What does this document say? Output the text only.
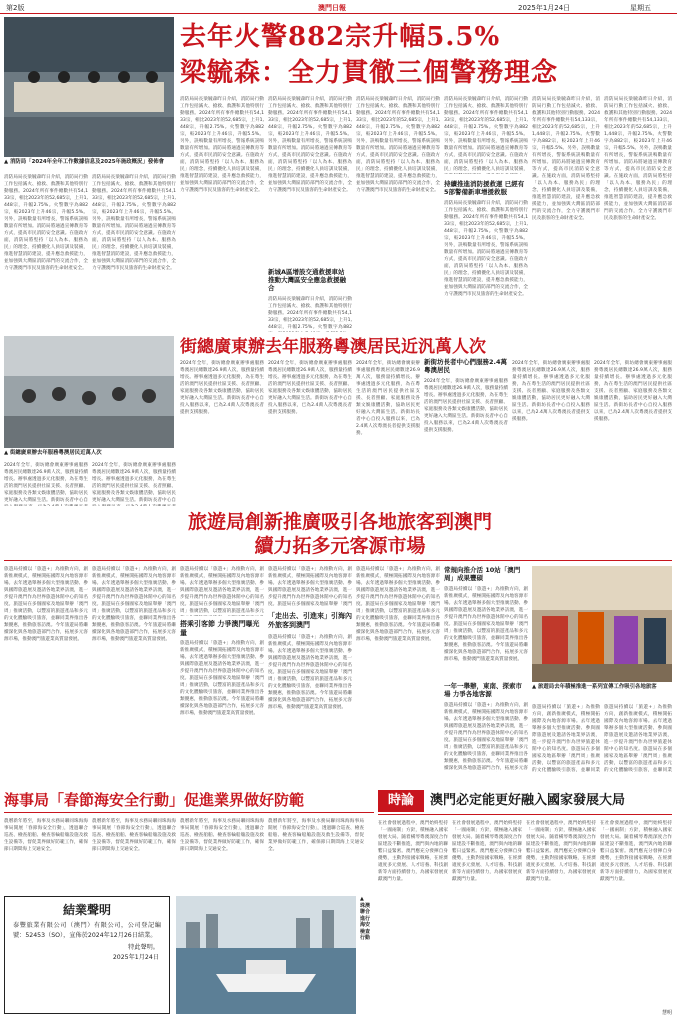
第2版	澳門日報	2025年1月24日	星期五
去年火警882宗升幅5.5%
梁毓森：全力貫徹三個警務理念
▲ 消防局「2024年全年工作數據信息及2025年施政概況」發佈會
消防局局長梁毓森昨日介紹，消防局行動工作包括滅火、搶救、救護和其他特別行動服務。2024年所有事件總數共有54,133宗，相比2023年的52,685宗，上升1,448宗，升幅2.75%。火警數字為882宗，較2023年上升46宗，升幅5.5%。另外，誤鳴數量有所增長，警報系統誤鳴數量有所增加。消防局將通過宣傳教育等方式，提高市民消防安全意識。在施政方面，消防局將堅持「以人為本、服務為民」的理念，持續優化人員培訓及裝備，推進智慧消防建設，提升應急救援能力，並加強與大灣區消防部門的交流合作，全力守護澳門市民及旅客的生命財產安全。
消防局局長梁毓森昨日介紹，消防局行動工作包括滅火、搶救、救護和其他特別行動服務。2024年所有事件總數共有54,133宗，相比2023年的52,685宗，上升1,448宗，升幅2.75%。火警數字為882宗，較2023年上升46宗，升幅5.5%。另外，誤鳴數量有所增長，警報系統誤鳴數量有所增加。消防局將通過宣傳教育等方式，提高市民消防安全意識。在施政方面，消防局將堅持「以人為本、服務為民」的理念，持續優化人員培訓及裝備，推進智慧消防建設，提升應急救援能力，並加強與大灣區消防部門的交流合作，全力守護澳門市民及旅客的生命財產安全。
消防局局長梁毓森昨日介紹，消防局行動工作包括滅火、搶救、救護和其他特別行動服務。2024年所有事件總數共有54,133宗，相比2023年的52,685宗，上升1,448宗，升幅2.75%。火警數字為882宗，較2023年上升46宗，升幅5.5%。另外，誤鳴數量有所增長，警報系統誤鳴數量有所增加。消防局將通過宣傳教育等方式，提高市民消防安全意識。在施政方面，消防局將堅持「以人為本、服務為民」的理念，持續優化人員培訓及裝備，推進智慧消防建設，提升應急救援能力，並加強與大灣區消防部門的交流合作，全力守護澳門市民及旅客的生命財產安全。
消防局局長梁毓森昨日介紹，消防局行動工作包括滅火、搶救、救護和其他特別行動服務。2024年所有事件總數共有54,133宗，相比2023年的52,685宗，上升1,448宗，升幅2.75%。火警數字為882宗，較2023年上升46宗，升幅5.5%。另外，誤鳴數量有所增長，警報系統誤鳴數量有所增加。消防局將通過宣傳教育等方式，提高市民消防安全意識。在施政方面，消防局將堅持「以人為本、服務為民」的理念，持續優化人員培訓及裝備，推進智慧消防建設，提升應急救援能力，並加強與大灣區消防部門的交流合作，全力守護澳門市民及旅客的生命財產安全。
新城A區增設交通救援車站 推動大灣區安全應急救援融合
消防局局長梁毓森昨日介紹，消防局行動工作包括滅火、搶救、救護和其他特別行動服務。2024年所有事件總數共有54,133宗，相比2023年的52,685宗，上升1,448宗，升幅2.75%。火警數字為882
消防局局長梁毓森昨日介紹，消防局行動工作包括滅火、搶救、救護和其他特別行動服務。2024年所有事件總數共有54,133宗，相比2023年的52,685宗，上升1,448宗，升幅2.75%。火警數字為882宗，較2023年上升46宗，升幅5.5%。另外，誤鳴數量有所增長，警報系統誤鳴數量有所增加。消防局將通過宣傳教育等方式，提高市民消防安全意識。在施政方面，消防局將堅持「以人為本、服務為民」的理念，持續優化人員培訓及裝備，推進智慧消防建設，提升應急救援能力，並加強與大灣區消防部門的交流合作，全力守護澳門市民及旅客的生命財產安全。
消防局局長梁毓森昨日介紹，消防局行動工作包括滅火、搶救、救護和其他特別行動服務。2024年所有事件總數共有54,133宗，相比2023年的52,685宗，上升1,448宗，升幅2.75%。火警數字為882宗，較2023年上升46宗，升幅5.5%。另外，誤鳴數量有所增長，警報系統誤鳴數量有所增加。消防局將通過宣傳教育等方式，提高市民消防安全意識。在施政方面，消防局將堅持「以人為本、服務為民」的理念，持續優化人員培訓及裝備，
持續推進消防援救運 已經有5部警備新車增援救服
消防局局長梁毓森昨日介紹，消防局行動工作包括滅火、搶救、救護和其他特別行動服務。2024年所有事件總數共有54,133宗，相比2023年的52,685宗，上升1,448宗，升幅2.75%。火警數字為882宗，較2023年上升46宗，升幅5.5%。另外，誤鳴數量有所增長，警報系統誤鳴數量有所增加。消防局將通過宣傳教育等方式，提高市民消防安全意識。在施政方面，消防局將堅持「以人為本、服務為民」的理念，持續優化人員培訓及裝備，推進智慧消防建設，提升應急救援能力，並加強與大灣區消防部門的交流合作，全力守護澳門市民及旅客的生命財產安全。
消防局局長梁毓森昨日介紹，消防局行動工作包括滅火、搶救、救護和其他特別行動服務。2024年所有事件總數共有54,133宗，相比2023年的52,685宗，上升1,448宗，升幅2.75%。火警數字為882宗，較2023年上升46宗，升幅5.5%。另外，誤鳴數量有所增長，警報系統誤鳴數量有所增加。消防局將通過宣傳教育等方式，提高市民消防安全意識。在施政方面，消防局將堅持「以人為本、服務為民」的理念，持續優化人員培訓及裝備，推進智慧消防建設，提升應急救援能力，並加強與大灣區消防部門的交流合作，全力守護澳門市民及旅客的生命財產安全。
消防局局長梁毓森昨日介紹，消防局行動工作包括滅火、搶救、救護和其他特別行動服務。2024年所有事件總數共有54,133宗，相比2023年的52,685宗，上升1,448宗，升幅2.75%。火警數字為882宗，較2023年上升46宗，升幅5.5%。另外，誤鳴數量有所增長，警報系統誤鳴數量有所增加。消防局將通過宣傳教育等方式，提高市民消防安全意識。在施政方面，消防局將堅持「以人為本、服務為民」的理念，持續優化人員培訓及裝備，推進智慧消防建設，提升應急救援能力，並加強與大灣區消防部門的交流合作，全力守護澳門市民及旅客的生命財產安全。
街總廣東辦去年服務粵澳居民近汎萬人次
▲ 街總廣東辦去年服務粵澳居民近萬人次
2024年全年，街坊總會廣東辦事處服務粵澳居民總數達26.9萬人次，服務量持續增長。辦事處透過多元化服務，為在粵生活的澳門居民提供社區支援、長者照顧、家庭服務及各類文娛康體活動，協助居民更好融入大灣區生活。新街坊長者中心自
2024年全年，街坊總會廣東辦事處服務粵澳居民總數達26.9萬人次，服務量持續增長。辦事處透過多元化服務，為在粵生活的澳門居民提供社區支援、長者照顧、家庭服務及各類文娛康體活動，協助居民更好融入大灣區生活。新街坊長者中心自
2024年全年，街坊總會廣東辦事處服務粵澳居民總數達26.9萬人次，服務量持續增長。辦事處透過多元化服務，為在粵生活的澳門居民提供社區支援、長者照顧、家庭服務及各類文娛康體活動，協助居民更好融入大灣區生活。新街坊長者中心自投入服務以來，已為2.4萬人次粵澳長者提供支援服務。
2024年全年，街坊總會廣東辦事處服務粵澳居民總數達26.9萬人次，服務量持續增長。辦事處透過多元化服務，為在粵生活的澳門居民提供社區支援、長者照顧、家庭服務及各類文娛康體活動，協助居民更好融入大灣區生活。新街坊長者中心自投入服務以來，已為2.4萬人次粵澳長者提供支援服務。
2024年全年，街坊總會廣東辦事處服務粵澳居民總數達26.9萬人次，服務量持續增長。辦事處透過多元化服務，為在粵生活的澳門居民提供社區支援、長者照顧、家庭服務及各類文娛康體活動，協助居民更好融入大灣區生活。新街坊長者中心自投入服務以來，已為2.4萬人次粵澳長者提供支援服務。
新街坊長者中心們服務2.4萬粵澳居民
2024年全年，街坊總會廣東辦事處服務粵澳居民總數達26.9萬人次，服務量持續增長。辦事處透過多元化服務，為在粵生活的澳門居民提供社區支援、長者照顧、家庭服務及各類文娛康體活動，協助居民更好融入大灣區生活。新街坊長者中心自投入服務以來，已為2.4萬人次粵澳長者提供支援服務。
2024年全年，街坊總會廣東辦事處服務粵澳居民總數達26.9萬人次，服務量持續增長。辦事處透過多元化服務，為在粵生活的澳門居民提供社區支援、長者照顧、家庭服務及各類文娛康體活動，協助居民更好融入大灣區生活。新街坊長者中心自投入服務以來，已為2.4萬人次粵澳長者提供支援服務。
2024年全年，街坊總會廣東辦事處服務粵澳居民總數達26.9萬人次，服務量持續增長。辦事處透過多元化服務，為在粵生活的澳門居民提供社區支援、長者照顧、家庭服務及各類文娛康體活動，協助居民更好融入大灣區生活。新街坊長者中心自投入服務以來，已為2.4萬人次粵澳長者提供支援服務。
旅遊局創新推廣吸引各地旅客到澳門
續力拓多元客源市場
旅遊局持續以「旅遊+」為推動方向，創新推廣模式，積極開拓國際及內地客源市場。去年透過舉辦多個大型推廣活動、參與國際旅遊展及邀請各地業界訪澳，進一步提升澳門作為世界旅遊休閒中心的知名度。旅遊局在多個國家及地區舉辦「澳門周」推廣活動，以豐富的旅遊產品和多元的文化體驗吸引旅客，並聯同業界推出各類優惠，推動旅客訪澳。今年旅遊局將繼續深化與各地旅遊部門合作，拓展多元客源市場，推動澳門旅遊業高質量發展。
旅遊局持續以「旅遊+」為推動方向，創新推廣模式，積極開拓國際及內地客源市場。去年透過舉辦多個大型推廣活動、參與國際旅遊展及邀請各地業界訪澳，進一步提升澳門作為世界旅遊休閒中心的知名度。旅遊局在多個國家及地區舉辦「澳門周」推廣活動，以豐富的旅遊產品和多元的文化體驗吸引旅客，並聯同業界推出各類優惠，推動旅客訪澳。今年旅遊局將繼續深化與各地旅遊部門合作，拓展多元客源市場，推動澳門旅遊業高質量發展。
旅遊局持續以「旅遊+」為推動方向，創新推廣模式，積極開拓國際及內地客源市場。去年透過舉辦多個大型推廣活動、參與國際旅遊展及邀請各地業界訪澳，進一步提升澳門作為世界旅遊休閒中心的知名度。旅遊局在多個國家及地區舉辦「澳門周」推廣活動，以豐富的旅遊產品和多元
搭乘引客節 力爭澳門曝光量
旅遊局持續以「旅遊+」為推動方向，創新推廣模式，積極開拓國際及內地客源市場。去年透過舉辦多個大型推廣活動、參與國際旅遊展及邀請各地業界訪澳，進一步提升澳門作為世界旅遊休閒中心的知名度。旅遊局在多個國家及地區舉辦「澳門周」推廣活動，以豐富的旅遊產品和多元的文化體驗吸引旅客，並聯同業界推出各類優惠，推動旅客訪澳。今年旅遊局將繼續深化與各地旅遊部門合作，拓展多元客源市場，推動澳門旅遊業高質量發展。
旅遊局持續以「旅遊+」為推動方向，創新推廣模式，積極開拓國際及內地客源市場。去年透過舉辦多個大型推廣活動、參與國際旅遊展及邀請各地業界訪澳，進一步提升澳門作為世界旅遊休閒中心的知名度。旅遊局在多個國家及地區舉辦「澳門
「走出去、引進來」引海內外旅客到澳門
旅遊局持續以「旅遊+」為推動方向，創新推廣模式，積極開拓國際及內地客源市場。去年透過舉辦多個大型推廣活動、參與國際旅遊展及邀請各地業界訪澳，進一步提升澳門作為世界旅遊休閒中心的知名度。旅遊局在多個國家及地區舉辦「澳門周」推廣活動，以豐富的旅遊產品和多元的文化體驗吸引旅客，並聯同業界推出各類優惠，推動旅客訪澳。今年旅遊局將繼續深化與各地旅遊部門合作，拓展多元客源市場，推動澳門旅遊業高質量發展。
旅遊局持續以「旅遊+」為推動方向，創新推廣模式，積極開拓國際及內地客源市場。去年透過舉辦多個大型推廣活動、參與國際旅遊展及邀請各地業界訪澳，進一步提升澳門作為世界旅遊休閒中心的知名度。旅遊局在多個國家及地區舉辦「澳門周」推廣活動，以豐富的旅遊產品和多元的文化體驗吸引旅客，並聯同業界推出各類優惠，推動旅客訪澳。今年旅遊局將繼續深化與各地旅遊部門合作，拓展多元客源市場，推動澳門旅遊業高質量發展。
常規向推介活 10站「澳門周」成果豐碩
旅遊局持續以「旅遊+」為推動方向，創新推廣模式，積極開拓國際及內地客源市場。去年透過舉辦多個大型推廣活動、參與國際旅遊展及邀請各地業界訪澳，進一步提升澳門作為世界旅遊休閒中心的知名度。旅遊局在多個國家及地區舉辦「澳門周」推廣活動，以豐富的旅遊產品和多元的文化體驗吸引旅客，並聯同業界推出各類優惠，推動旅客訪澳。今年旅遊局將繼續深化與各地旅遊部門合作，拓展多元客源市場，推動澳門旅遊業高質量發展。
一年一舉辦，東南、探索市場 力爭各地客源
旅遊局持續以「旅遊+」為推動方向，創新推廣模式，積極開拓國際及內地客源市場。去年透過舉辦多個大型推廣活動、參與國際旅遊展及邀請各地業界訪澳，進一步提升澳門作為世界旅遊休閒中心的知名度。旅遊局在多個國家及地區舉辦「澳門周」推廣活動，以豐富的旅遊產品和多元的文化體驗吸引旅客，並聯同業界推出各類優惠，推動旅客訪澳。今年旅遊局將繼續深化與各地旅遊部門合作，拓展多元客
▲ 旅遊局去年積極推進一系列宣傳工作吸引各地旅客
旅遊局持續以「旅遊+」為推動方向，創新推廣模式，積極開拓國際及內地客源市場。去年透過舉辦多個大型推廣活動、參與國際旅遊展及邀請各地業界訪澳，進一步提升澳門作為世界旅遊休閒中心的知名度。旅遊局在多個國家及地區舉辦「澳門周」推廣活動，以豐富的旅遊產品和多元的文化體驗吸引旅客，並聯同業
旅遊局持續以「旅遊+」為推動方向，創新推廣模式，積極開拓國際及內地客源市場。去年透過舉辦多個大型推廣活動、參與國際旅遊展及邀請各地業界訪澳，進一步提升澳門作為世界旅遊休閒中心的知名度。旅遊局在多個國家及地區舉辦「澳門周」推廣活動，以豐富的旅遊產品和多元的文化體驗吸引旅客，並聯同業
海事局「春節海安全行動」促進業界做好防範
農曆新年將至，海事及水務局聯同珠海海事局開展「春節海安全行動」，透過聯合巡查、檢查船舶、檢查客輪船艙設施及救生設備等，督促業界做好防範工作，確保節日期間海上交通安全。
農曆新年將至，海事及水務局聯同珠海海事局開展「春節海安全行動」，透過聯合巡查、檢查船舶、檢查客輪船艙設施及救生設備等，督促業界做好防範工作，確保節日期間海上交通安全。
農曆新年將至，海事及水務局聯同珠海海事局開展「春節海安全行動」，透過聯合巡查、檢查船舶、檢查客輪船艙設施及救生設備等，督促業界做好防範工作，確保節日期間海上交通安全。
農曆新年將至，海事及水務局聯同珠海海事局開展「春節海安全行動」，透過聯合巡查、檢查船舶、檢查客輪船艙設施及救生設備等，督促業界做好防範工作，確保節日期間海上交通安全。
結業聲明
泰豐旅業有限公司（澳門）有限公司，公司登記編號：52453（SO），宣佈於2024年12月26日結業。
特此聲明。
2025年1月24日
▲ 珠澳聯合進行海安檢查行動
時論	澳門必定能更好融入國家發展大局
在社會發展過程中，澳門始終堅持「一國兩制」方針，積極融入國家發展大局。隨着橫琴粵澳深度合作區建設不斷推進，澳門與內地的聯繫日益緊密。澳門應充分發揮自身優勢，主動對接國家戰略，在經濟適度多元發展、人才培養、科技創新等方面持續發力，為國家發展貢獻澳門力量。
在社會發展過程中，澳門始終堅持「一國兩制」方針，積極融入國家發展大局。隨着橫琴粵澳深度合作區建設不斷推進，澳門與內地的聯繫日益緊密。澳門應充分發揮自身優勢，主動對接國家戰略，在經濟適度多元發展、人才培養、科技創新等方面持續發力，為國家發展貢獻澳門力量。
在社會發展過程中，澳門始終堅持「一國兩制」方針，積極融入國家發展大局。隨着橫琴粵澳深度合作區建設不斷推進，澳門與內地的聯繫日益緊密。澳門應充分發揮自身優勢，主動對接國家戰略，在經濟適度多元發展、人才培養、科技創新等方面持續發力，為國家發展貢獻澳門力量。
在社會發展過程中，澳門始終堅持「一國兩制」方針，積極融入國家發展大局。隨着橫琴粵澳深度合作區建設不斷推進，澳門與內地的聯繫日益緊密。澳門應充分發揮自身優勢，主動對接國家戰略，在經濟適度多元發展、人才培養、科技創新等方面持續發力，為國家發展貢獻澳門力量。
慧明
